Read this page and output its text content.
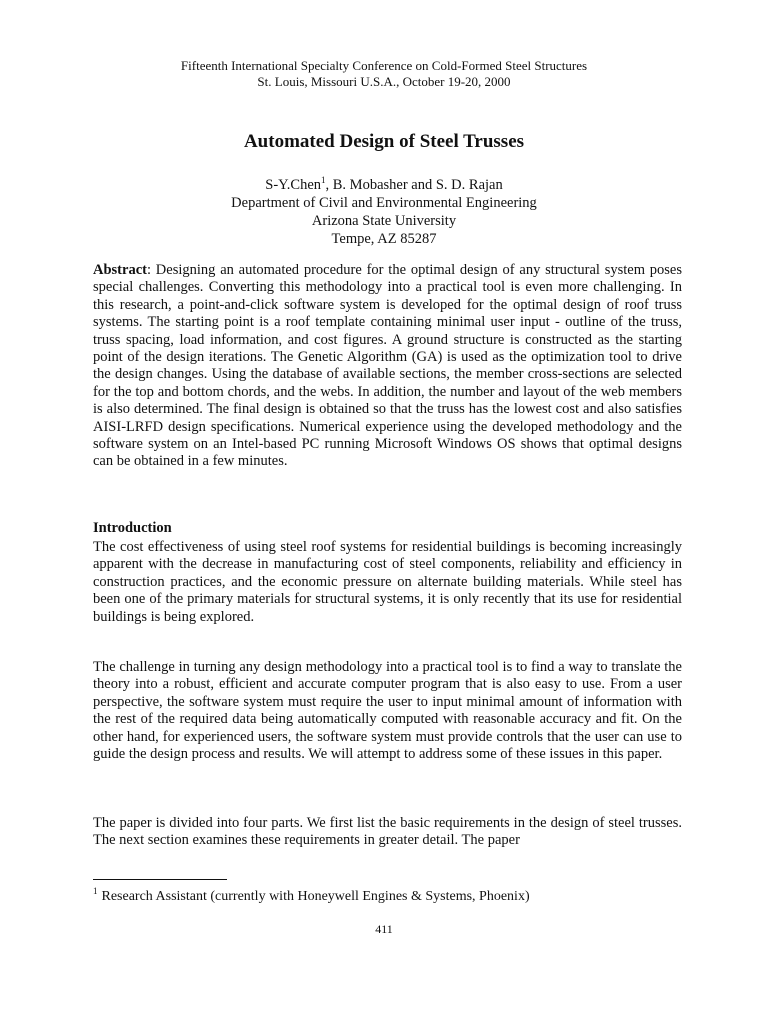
Fifteenth International Specialty Conference on Cold-Formed Steel Structures
St. Louis, Missouri U.S.A., October 19-20, 2000
Automated Design of Steel Trusses
S-Y.Chen$^1$, B. Mobasher and S. D. Rajan
Department of Civil and Environmental Engineering
Arizona State University
Tempe, AZ 85287
Abstract: Designing an automated procedure for the optimal design of any structural system poses special challenges. Converting this methodology into a practical tool is even more challenging. In this research, a point-and-click software system is developed for the optimal design of roof truss systems. The starting point is a roof template containing minimal user input - outline of the truss, truss spacing, load information, and cost figures. A ground structure is constructed as the starting point of the design iterations. The Genetic Algorithm (GA) is used as the optimization tool to drive the design changes. Using the database of available sections, the member cross-sections are selected for the top and bottom chords, and the webs. In addition, the number and layout of the web members is also determined. The final design is obtained so that the truss has the lowest cost and also satisfies AISI-LRFD design specifications. Numerical experience using the developed methodology and the software system on an Intel-based PC running Microsoft Windows OS shows that optimal designs can be obtained in a few minutes.
Introduction
The cost effectiveness of using steel roof systems for residential buildings is becoming increasingly apparent with the decrease in manufacturing cost of steel components, reliability and efficiency in construction practices, and the economic pressure on alternate building materials. While steel has been one of the primary materials for structural systems, it is only recently that its use for residential buildings is being explored.
The challenge in turning any design methodology into a practical tool is to find a way to translate the theory into a robust, efficient and accurate computer program that is also easy to use. From a user perspective, the software system must require the user to input minimal amount of information with the rest of the required data being automatically computed with reasonable accuracy and fit. On the other hand, for experienced users, the software system must provide controls that the user can use to guide the design process and results. We will attempt to address some of these issues in this paper.
The paper is divided into four parts. We first list the basic requirements in the design of steel trusses. The next section examines these requirements in greater detail. The paper
$^1$ Research Assistant (currently with Honeywell Engines & Systems, Phoenix)
411
